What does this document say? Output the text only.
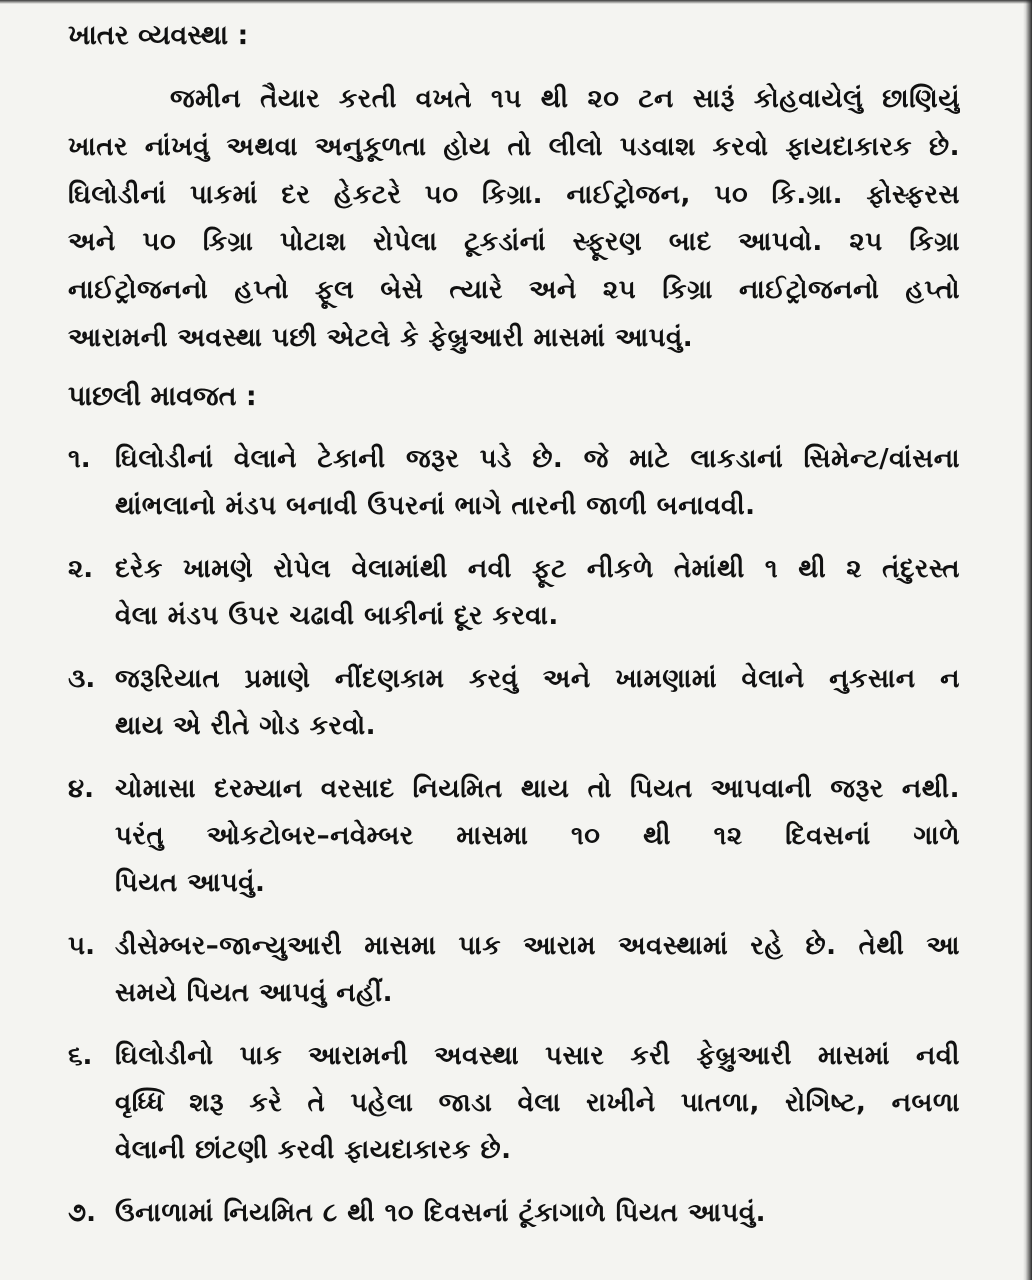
ખાતર વ્યવસ્થા :
જમીન તૈયાર કરતી વખતે ૧૫ થી ૨૦ ટન સારૂં કોહવાયેલું છાણિયું
ખાતર નાંખવું અથવા અનુકૂળતા હોય તો લીલો પડવાશ કરવો ફાયદાકારક છે.
ઘિલોડીનાં પાકમાં દર હેકટરે ૫૦ કિગ્રા. નાઈટ્રોજન, ૫૦ કિ.ગ્રા. ફોસ્ફરસ
અને ૫૦ કિગ્રા પોટાશ રોપેલા ટૂકડાંનાં સ્ફૂરણ બાદ આપવો. ૨૫ કિગ્રા
નાઈટ્રોજનનો હપ્તો ફૂલ બેસે ત્યારે અને ૨૫ કિગ્રા નાઈટ્રોજનનો હપ્તો
આરામની અવસ્થા પછી એટલે કે ફેબ્રુઆરી માસમાં આપવું.
પાછલી માવજત :
૧. ઘિલોડીનાં વેલાને ટેકાની જરૂર પડે છે. જે માટે લાકડાનાં સિમેન્ટ/વાંસના
થાંભલાનો મંડપ બનાવી ઉપરનાં ભાગે તારની જાળી બનાવવી.
૨. દરેક ખામણે રોપેલ વેલામાંથી નવી ફૂટ નીકળે તેમાંથી ૧ થી ૨ તંદુરસ્ત
વેલા મંડપ ઉપર ચઢાવી બાકીનાં દૂર કરવા.
૩. જરૂરિયાત પ્રમાણે નીંદણકામ કરવું અને ખામણામાં વેલાને નુકસાન ન
થાય એ રીતે ગોડ કરવો.
૪. ચોમાસા દરમ્યાન વરસાદ નિયમિત થાય તો પિયત આપવાની જરૂર નથી.
પરંતુ ઓકટોબર–નવેમ્બર માસમા ૧૦ થી ૧૨ દિવસનાં ગાળે
પિયત આપવું.
૫. ડીસેમ્બર–જાન્યુઆરી માસમા પાક આરામ અવસ્થામાં રહે છે. તેથી આ
સમયે પિયત આપવું નહીં.
૬. ઘિલોડીનો પાક આરામની અવસ્થા પસાર કરી ફેબ્રુઆરી માસમાં નવી
વૃધ્ધિ શરૂ કરે તે પહેલા જાડા વેલા રાખીને પાતળા, રોગિષ્ટ, નબળા
વેલાની છાંટણી કરવી ફાયદાકારક છે.
૭. ઉનાળામાં નિયમિત ૮ થી ૧૦ દિવસનાં ટૂંકાગાળે પિયત આપવું.
